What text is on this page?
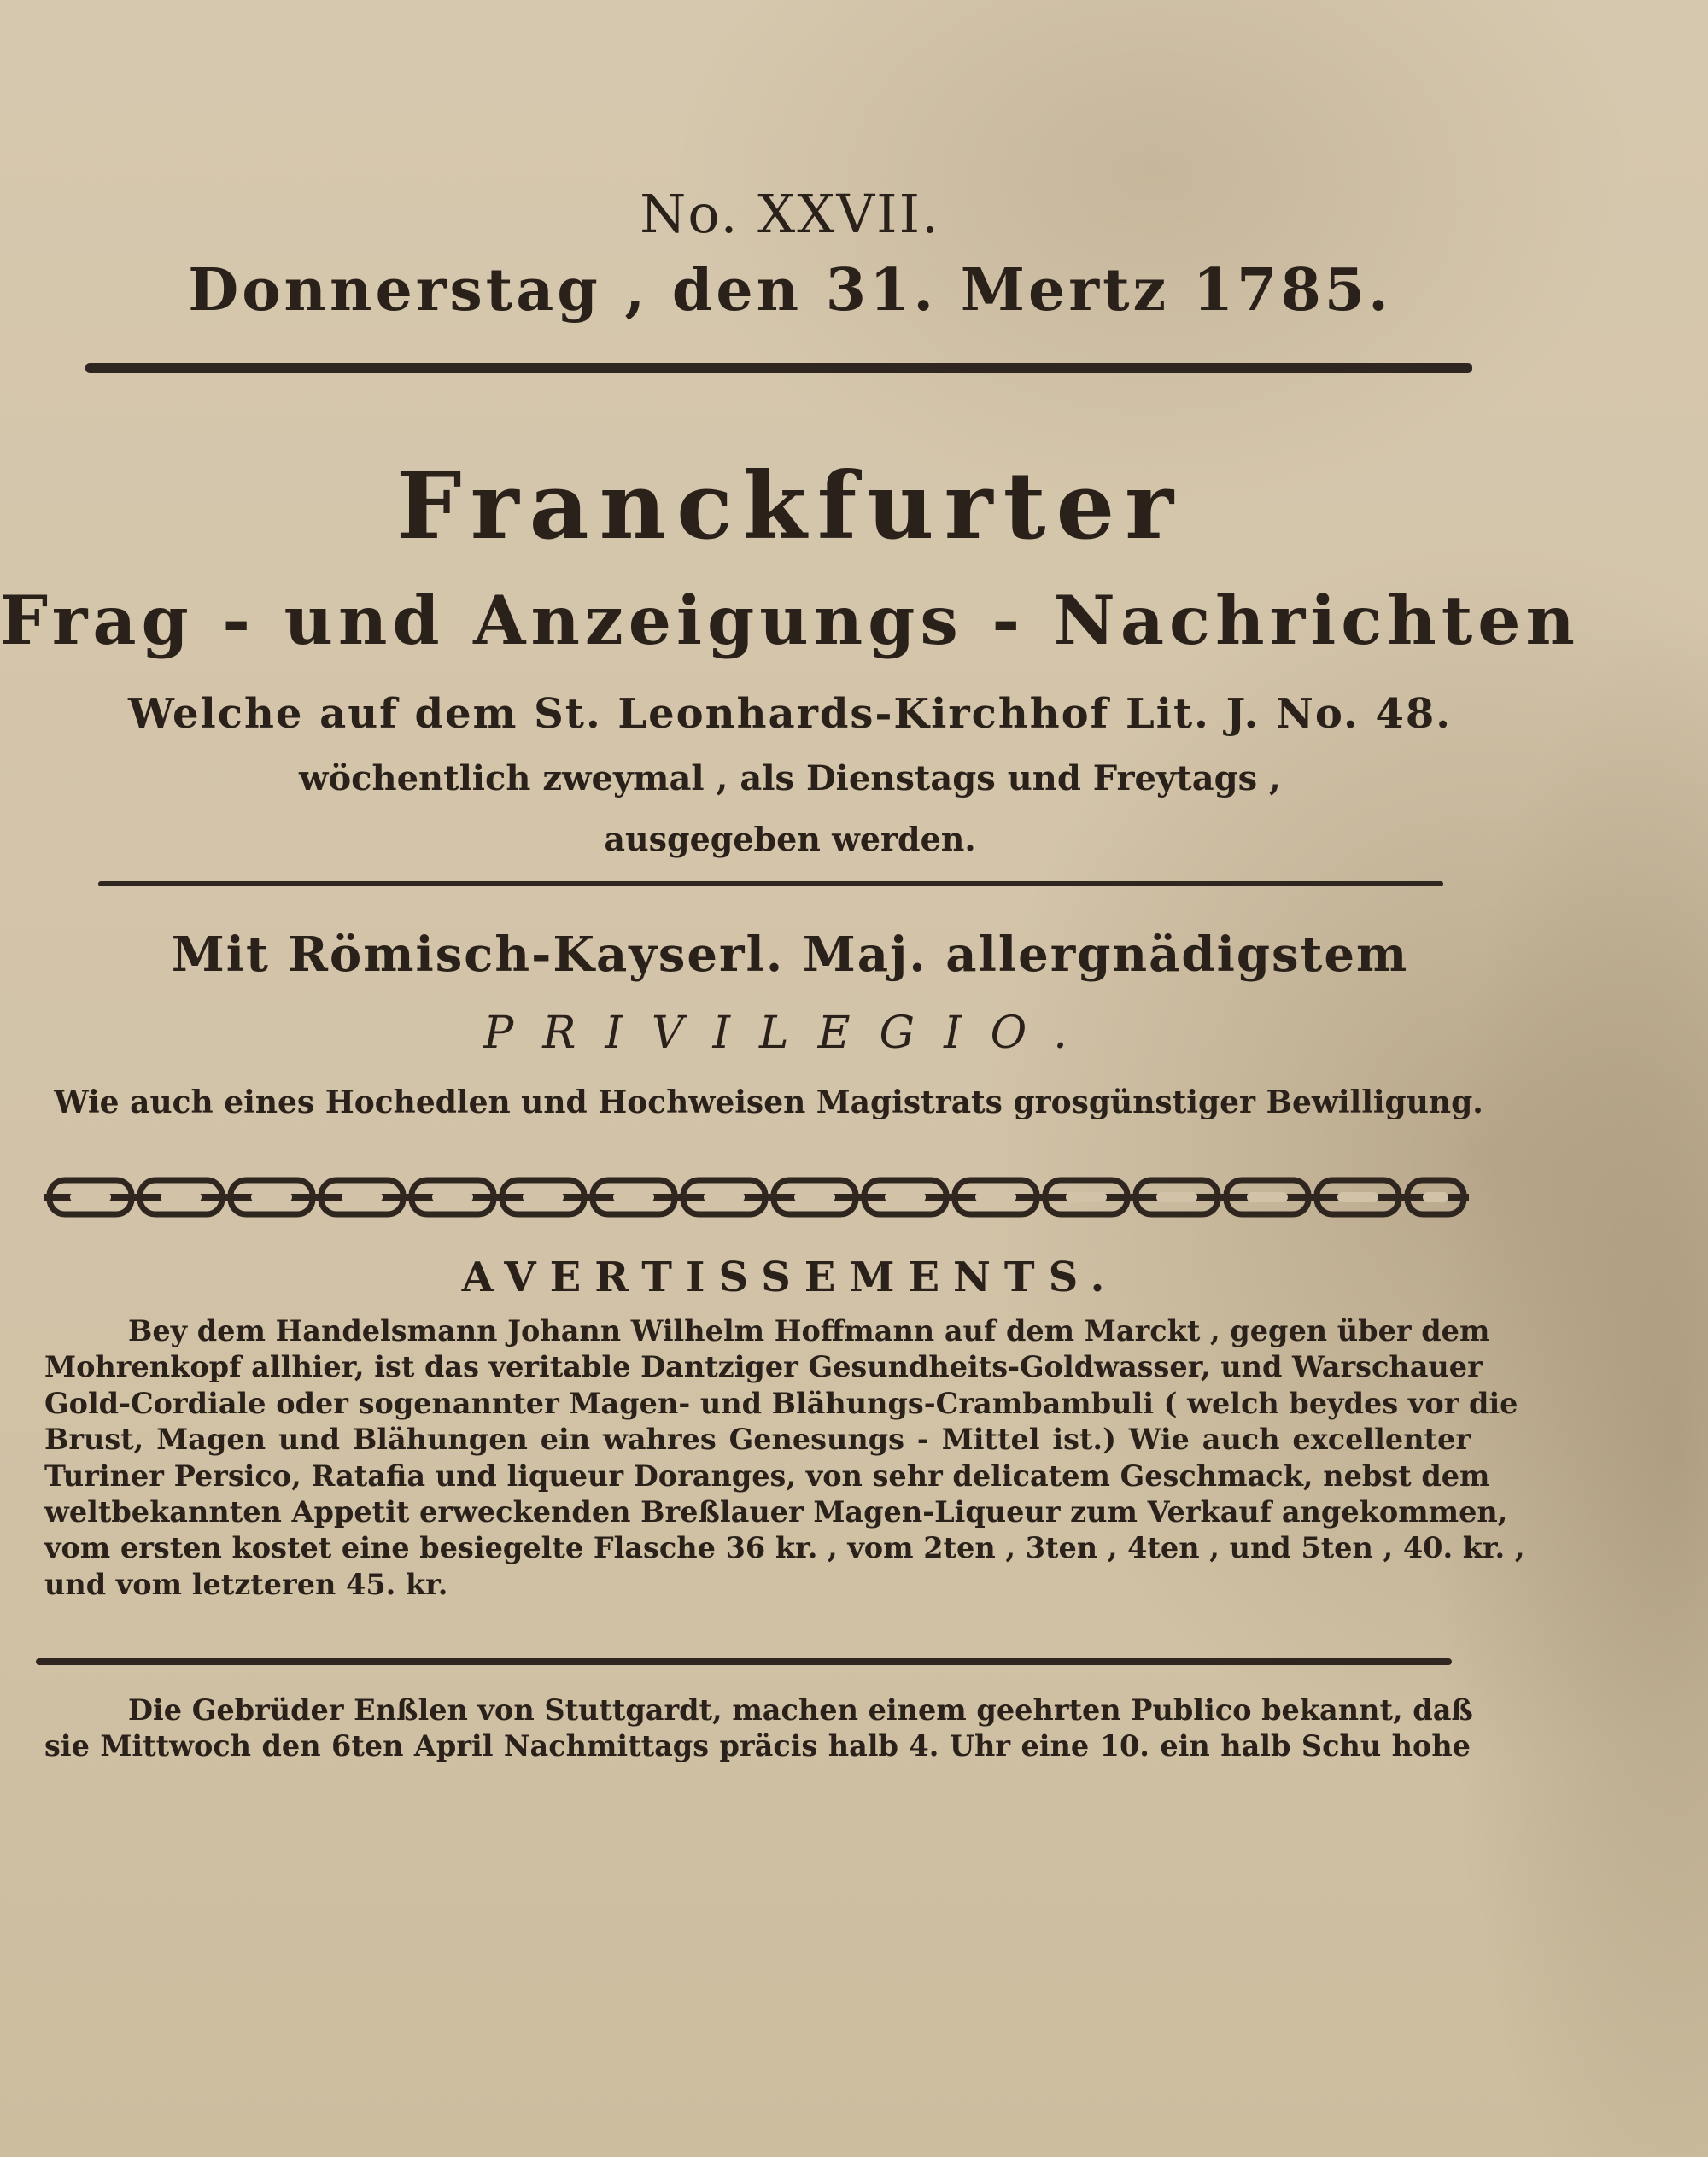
No. XXVII.

Donnerstag , den 31. Mertz 1785.

Franckfurter
Frag - und Anzeigungs - Nachrichten

Welche auf dem St. Leonhards-Kirchhof Lit. J. No. 48.

wöchentlich zweymal , als Dienstags und Freytags ,

ausgegeben werden.

Mit Römisch-Kayserl. Maj. allergnädigstem

PRIVILEGIO.

Wie auch eines Hochedlen und Hochweisen Magistrats grosgünstiger Bewilligung.

AVERTISSEMENTS.
Bey dem Handelsmann Johann Wilhelm Hoffmann auf dem Marckt , gegen über dem
Mohrenkopf allhier, ist das veritable Dantziger Gesundheits-Goldwasser, und Warschauer
Gold-Cordiale oder sogenannter Magen- und Blähungs-Crambambuli ( welch beydes vor die
Brust, Magen und Blähungen ein wahres Genesungs - Mittel ist.) Wie auch excellenter
Turiner Persico, Ratafia und liqueur Doranges, von sehr delicatem Geschmack, nebst dem
weltbekannten Appetit erweckenden Breßlauer Magen-Liqueur zum Verkauf angekommen,
vom ersten kostet eine besiegelte Flasche 36 kr. , vom 2ten , 3ten , 4ten , und 5ten , 40. kr. ,
und vom letzteren 45. kr.
Die Gebrüder Enßlen von Stuttgardt, machen einem geehrten Publico bekannt, daß
sie Mittwoch den 6ten April Nachmittags präcis halb 4. Uhr eine 10. ein halb Schu hohe
